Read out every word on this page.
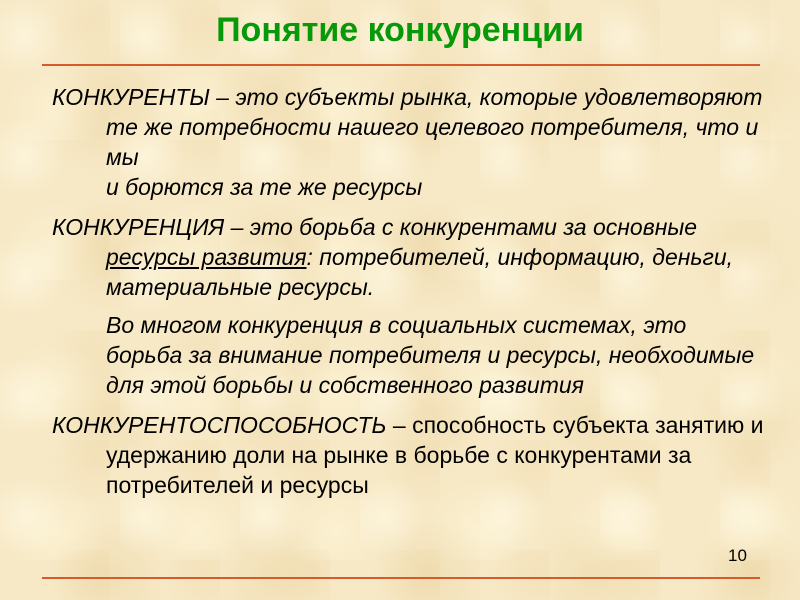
Понятие конкуренции

КОНКУРЕНТЫ – это субъекты рынка, которые удовлетворяют те же потребности нашего целевого потребителя, что и мы
и борются за те же ресурсы

КОНКУРЕНЦИЯ – это борьба с конкурентами за основные ресурсы развития: потребителей, информацию, деньги, материальные ресурсы.

Во многом конкуренция в социальных системах, это борьба за внимание потребителя и ресурсы, необходимые для этой борьбы и собственного развития

КОНКУРЕНТОСПОСОБНОСТЬ – способность субъекта занятию и удержанию доли на рынке в борьбе с конкурентами за потребителей и ресурсы

10
